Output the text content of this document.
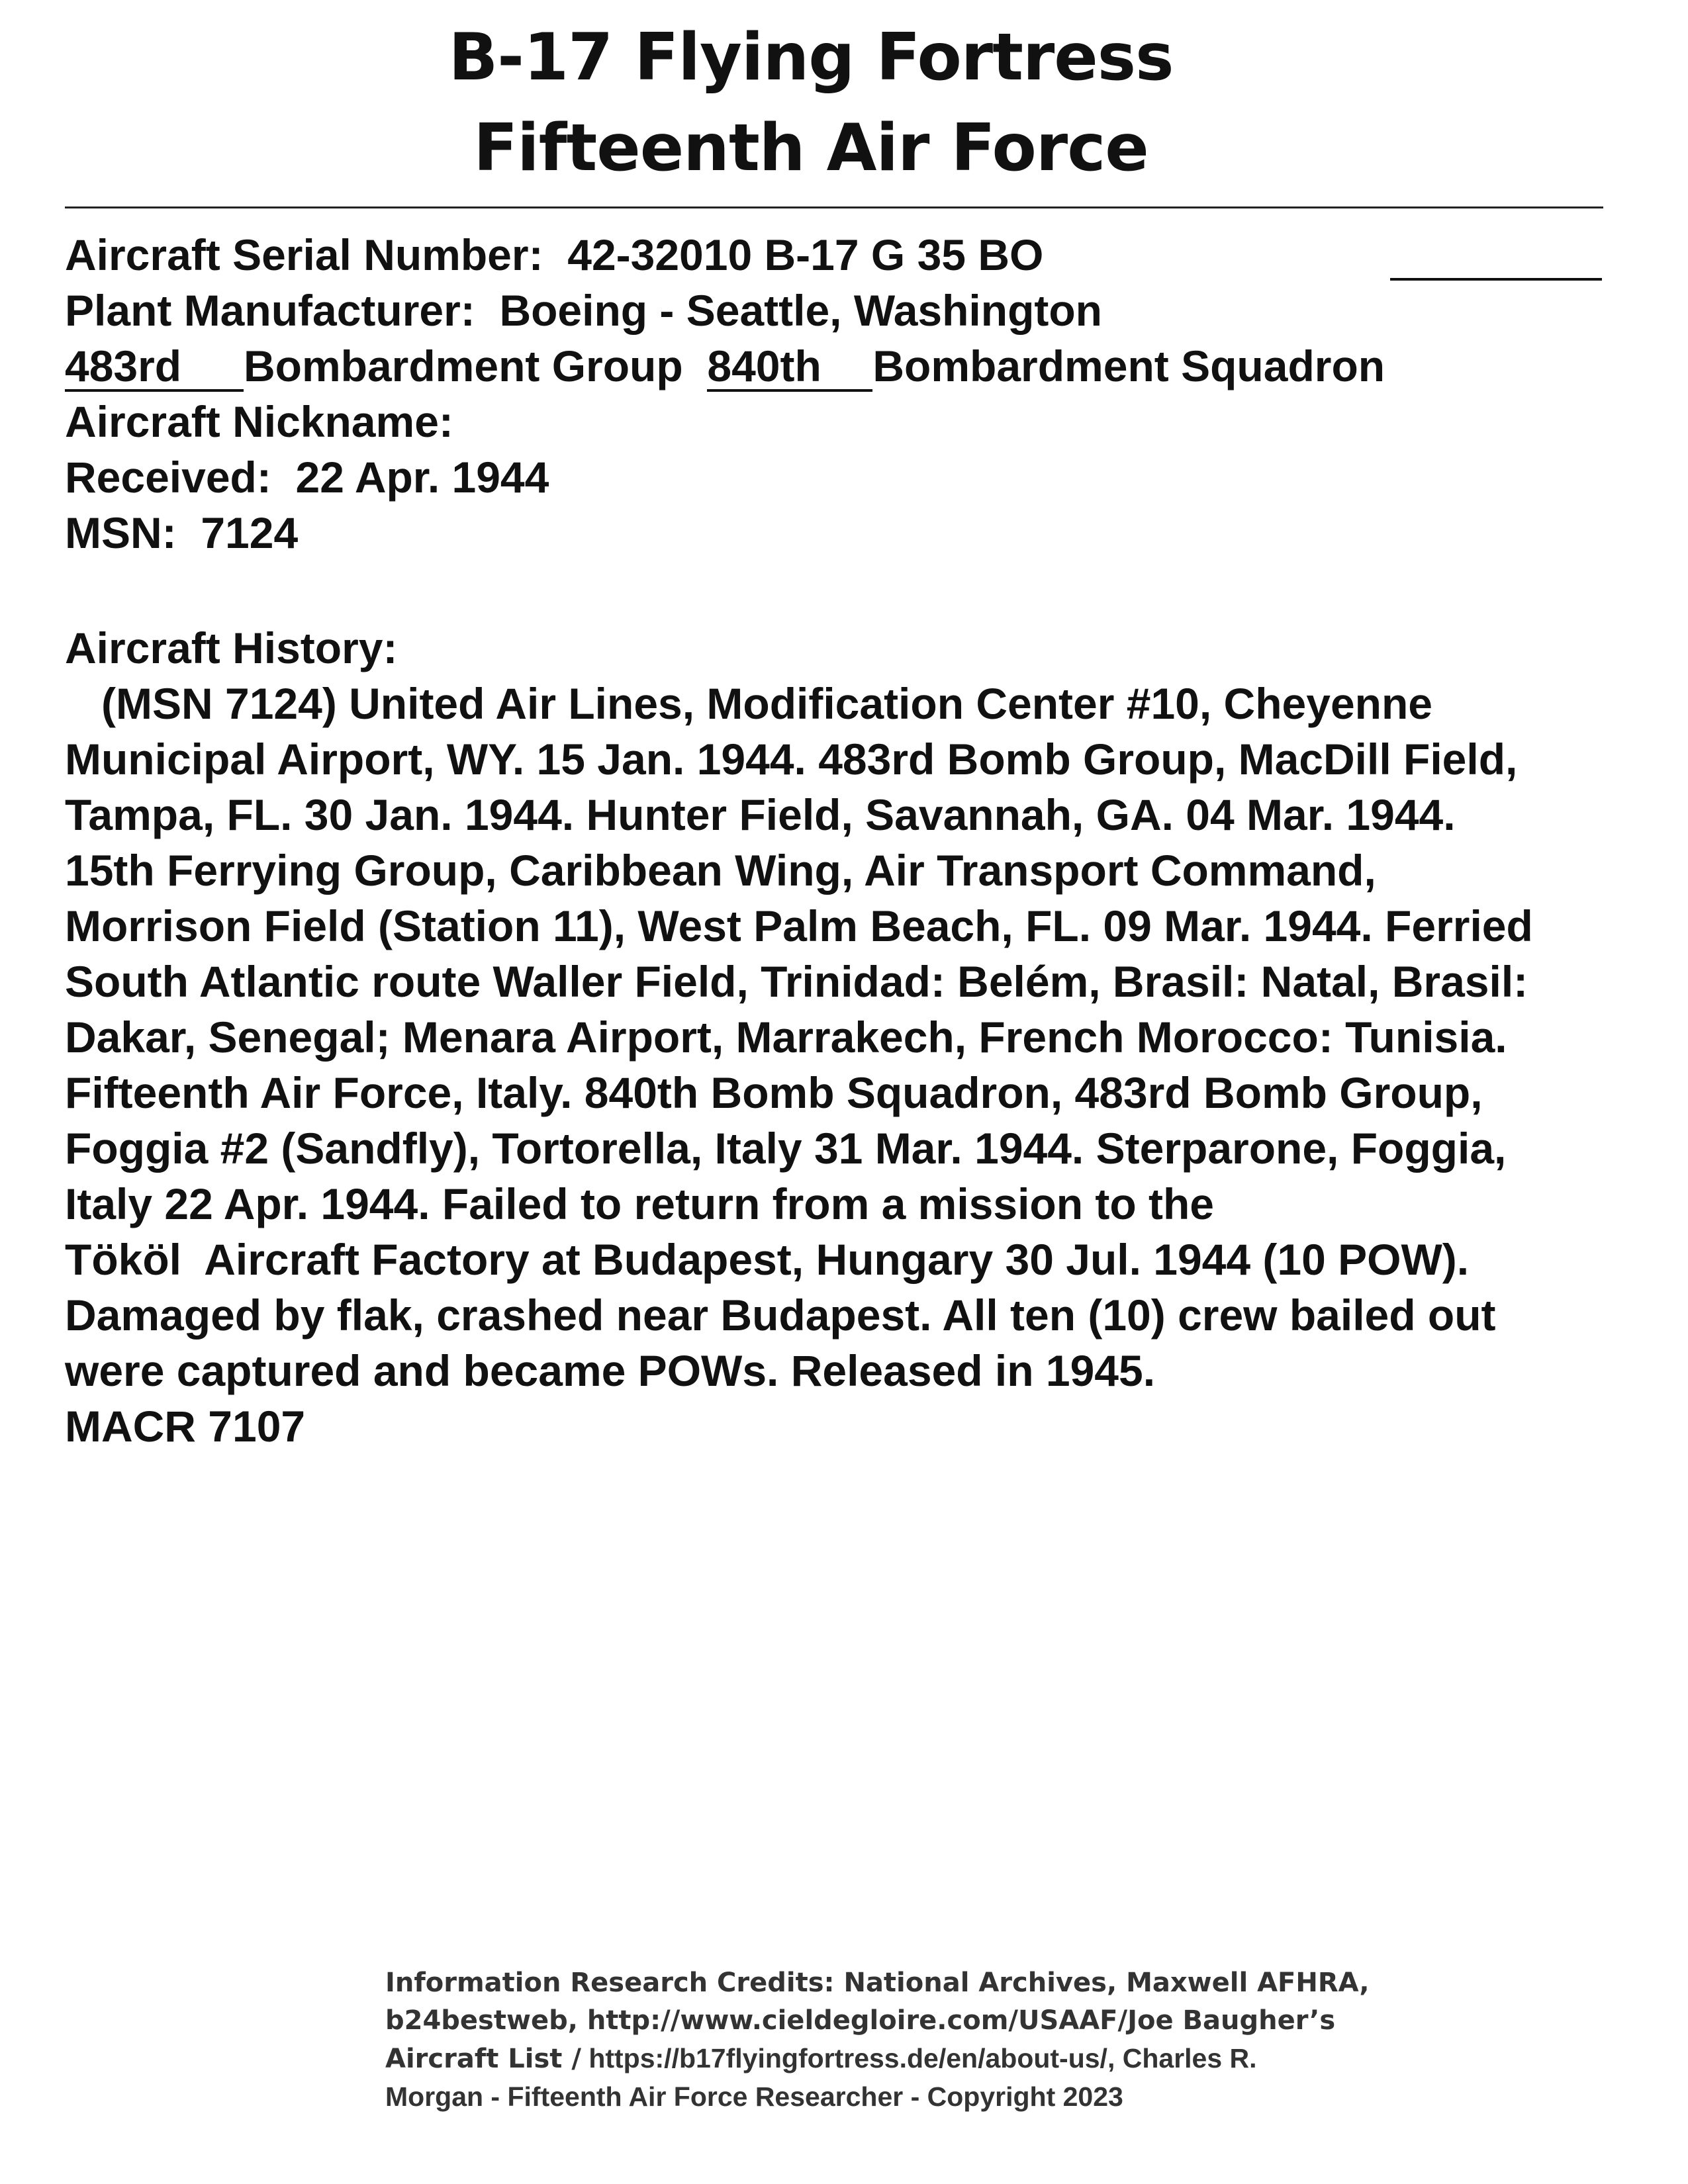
B-17 Flying Fortress
Fifteenth Air Force
Aircraft Serial Number: 42-32010 B-17 G 35 BO
Plant Manufacturer: Boeing - Seattle, Washington
483rd Bombardment Group 840th Bombardment Squadron
Aircraft Nickname:
Received: 22 Apr. 1944
MSN: 7124
Aircraft History:
(MSN 7124) United Air Lines, Modification Center #10, Cheyenne
Municipal Airport, WY. 15 Jan. 1944. 483rd Bomb Group, MacDill Field,
Tampa, FL. 30 Jan. 1944. Hunter Field, Savannah, GA. 04 Mar. 1944.
15th Ferrying Group, Caribbean Wing, Air Transport Command,
Morrison Field (Station 11), West Palm Beach, FL. 09 Mar. 1944. Ferried
South Atlantic route Waller Field, Trinidad: Belém, Brasil: Natal, Brasil:
Dakar, Senegal; Menara Airport, Marrakech, French Morocco: Tunisia.
Fifteenth Air Force, Italy. 840th Bomb Squadron, 483rd Bomb Group,
Foggia #2 (Sandfly), Tortorella, Italy 31 Mar. 1944. Sterparone, Foggia,
Italy 22 Apr. 1944. Failed to return from a mission to the
Tököl  Aircraft Factory at Budapest, Hungary 30 Jul. 1944 (10 POW).
Damaged by flak, crashed near Budapest. All ten (10) crew bailed out
were captured and became POWs. Released in 1945.
MACR 7107
Information Research Credits: National Archives, Maxwell AFHRA,
b24bestweb, http://www.cieldegloire.com/USAAF/Joe Baugher’s
Aircraft List / https://b17flyingfortress.de/en/about-us/, Charles R.
Morgan - Fifteenth Air Force Researcher - Copyright 2023
